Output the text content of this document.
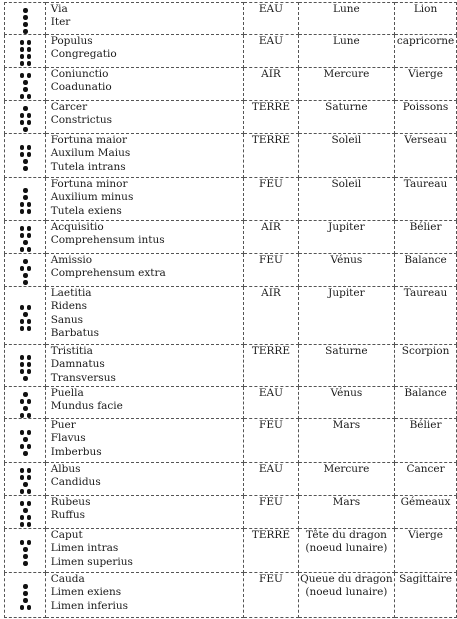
	Via
Iter	EAU	Lune	Lion

	Populus
Congregatio	EAU	Lune	capricorne

	Coniunctio
Coadunatio	AIR	Mercure	Vierge

	Carcer
Constrictus	TERRE	Saturne	Poissons

	Fortuna maior
Auxilum Maius
Tutela intrans	TERRE	Soleil	Verseau

	Fortuna minor
Auxilium minus
Tutela exiens	FEU	Soleil	Taureau

	Acquisitio
Comprehensum intus	AIR	Jupiter	Bélier

	Amissio
Comprehensum extra	FEU	Vénus	Balance

	Laetitia
Ridens
Sanus
Barbatus	AIR	Jupiter	Taureau

	Tristitia
Damnatus
Transversus	TERRE	Saturne	Scorpion

	Puella
Mundus facie	EAU	Vénus	Balance

	Puer
Flavus
Imberbus	FEU	Mars	Bélier

	Albus
Candidus	EAU	Mercure	Cancer

	Rubeus
Ruffus	FEU	Mars	Gémeaux

	Caput
Limen intras
Limen superius	TERRE	Tête du dragon (noeud lunaire)	Vierge

	Cauda
Limen exiens
Limen inferius	FEU	Queue du dragon (noeud lunaire)	Sagittaire
